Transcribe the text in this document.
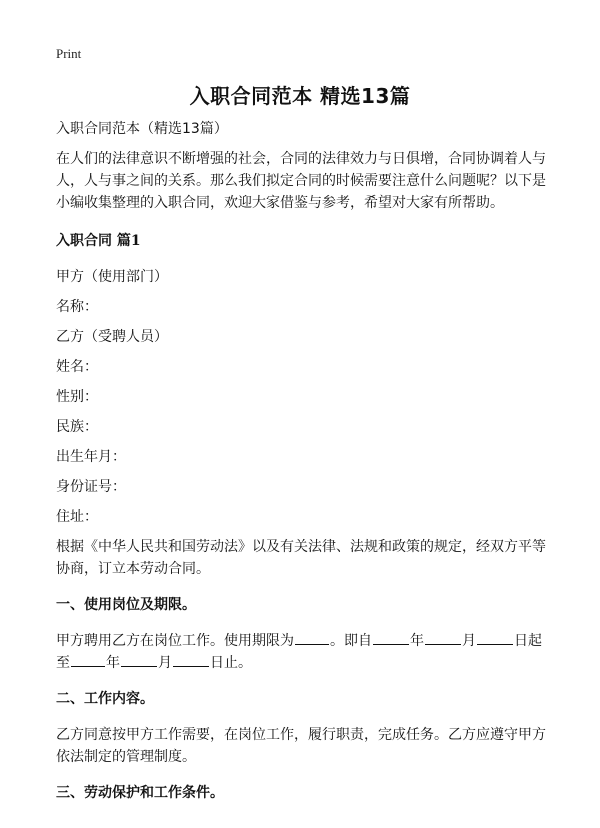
Print
入职合同范本 精选13篇

入职合同范本（精选13篇）

在人们的法律意识不断增强的社会，合同的法律效力与日俱增，合同协调着人与人，人与事之间的关系。那么我们拟定合同的时候需要注意什么问题呢？以下是小编收集整理的入职合同，欢迎大家借鉴与参考，希望对大家有所帮助。

入职合同 篇1

甲方（使用部门）

名称：

乙方（受聘人员）

姓名：

性别：

民族：

出生年月：

身份证号：

住址：

根据《中华人民共和国劳动法》以及有关法律、法规和政策的规定，经双方平等协商，订立本劳动合同。

一、使用岗位及期限。

甲方聘用乙方在岗位工作。使用期限为	。即自	年	月	日起至	年	月	日止。

二、工作内容。

乙方同意按甲方工作需要，在岗位工作，履行职责，完成任务。乙方应遵守甲方依法制定的管理制度。

三、劳动保护和工作条件。
